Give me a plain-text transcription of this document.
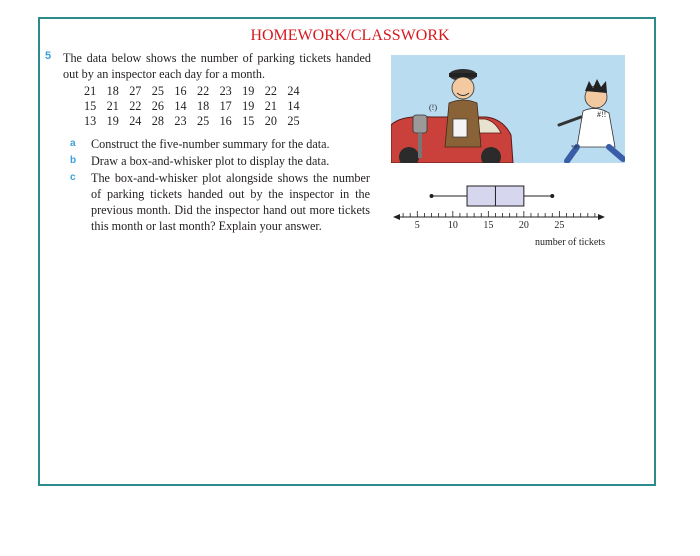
HOMEWORK/CLASSWORK
5 The data below shows the number of parking tickets handed out by an inspector each day for a month.
21 18 27 25 16 22 23 19 22 24
15 21 22 26 14 18 17 19 21 14
13 19 24 28 23 25 16 15 20 25
a Construct the five-number summary for the data.
b Draw a box-and-whisker plot to display the data.
c The box-and-whisker plot alongside shows the number of parking tickets handed out by the inspector in the previous month. Did the inspector hand out more tickets this month or last month? Explain your answer.
(!)
#!!
*#!
5	10	15	20	25
number of tickets
